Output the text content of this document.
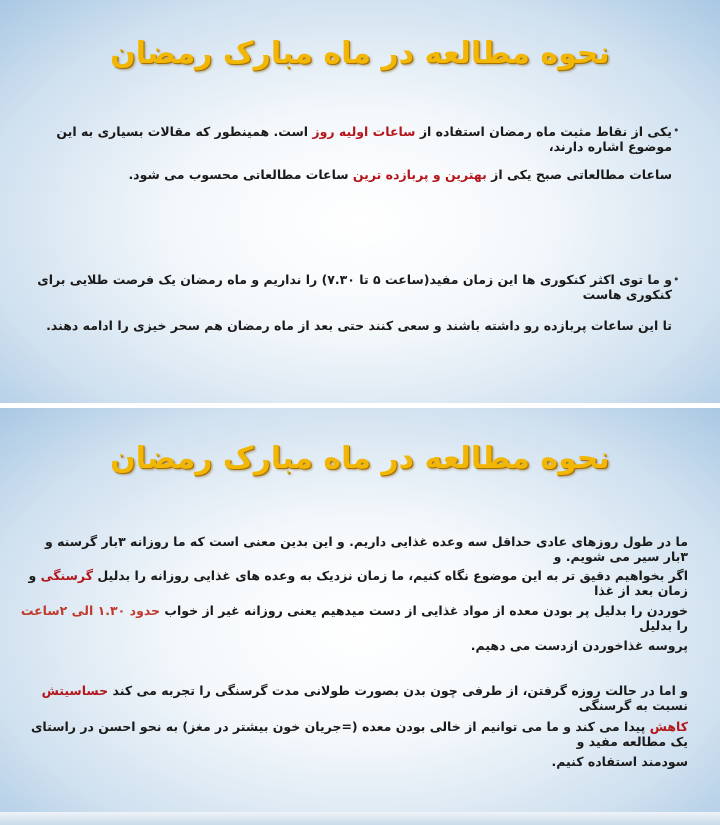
نحوه مطالعه در ماه مبارک رمضان
•
یکی از نقاط مثبت ماه رمضان استفاده از ساعات اولیه روز است. همینطور که مقالات بسیاری به این موضوع اشاره دارند،
ساعات مطالعاتی صبح یکی از بهترین و پربازده ترین ساعات مطالعاتی محسوب می شود.
•
و ما توی اکثر کنکوری ها این زمان مفید(ساعت ۵ تا ۷.۳۰) را نداریم و ماه رمضان یک فرصت طلایی برای کنکوری هاست
تا این ساعات پربازده رو داشته باشند و سعی کنند حتی بعد از ماه رمضان هم سحر خیزی را ادامه دهند.
نحوه مطالعه در ماه مبارک رمضان
ما در طول روزهای عادی حداقل سه وعده غذایی داریم. و این بدین معنی است که ما روزانه ۳بار گرسنه و ۳بار سیر می شویم. و
اگر بخواهیم دقیق تر به این موضوع نگاه کنیم، ما زمان نزدیک به وعده های غذایی روزانه را بدلیل گرسنگی و زمان بعد از غذا
خوردن را بدلیل پر بودن معده از مواد غذایی از دست میدهیم یعنی روزانه غیر از خواب حدود ۱.۳۰ الی ۲ساعت را بدلیل
پروسه غذاخوردن ازدست می دهیم.
و اما در حالت روزه گرفتن، از طرفی چون بدن بصورت طولانی مدت گرسنگی را تجربه می کند حساسیتش نسبت به گرسنگی
کاهش پیدا می کند و ما می توانیم از خالی بودن معده (=جریان خون بیشتر در مغز) به نحو احسن در راستای یک مطالعه مفید و
سودمند استفاده کنیم.
